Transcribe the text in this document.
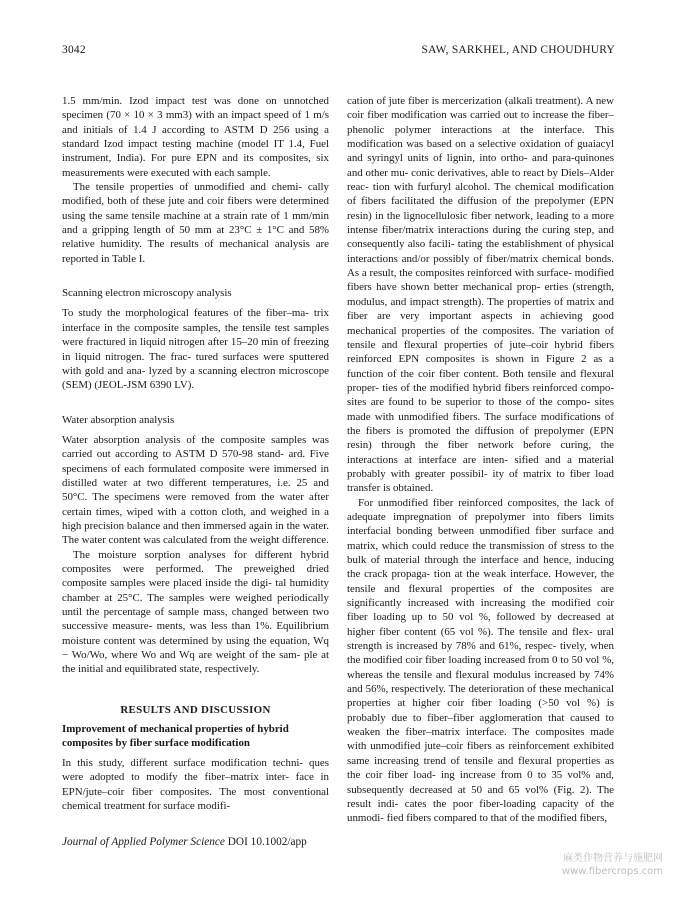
3042	SAW, SARKHEL, AND CHOUDHURY

1.5 mm/min. Izod impact test was done on unnotched specimen (70 × 10 × 3 mm3) with an impact speed of 1 m/s and initials of 1.4 J according to ASTM D 256 using a standard Izod impact testing machine (model IT 1.4, Fuel instrument, India). For pure EPN and its composites, six measurements were executed with each sample.

The tensile properties of unmodified and chemi- cally modified, both of these jute and coir fibers were determined using the same tensile machine at a strain rate of 1 mm/min and a gripping length of 50 mm at 23°C ± 1°C and 58% relative humidity. The results of mechanical analysis are reported in Table I.

Scanning electron microscopy analysis

To study the morphological features of the fiber–ma- trix interface in the composite samples, the tensile test samples were fractured in liquid nitrogen after 15–20 min of freezing in liquid nitrogen. The frac- tured surfaces were sputtered with gold and ana- lyzed by a scanning electron microscope (SEM) (JEOL-JSM 6390 LV).

Water absorption analysis

Water absorption analysis of the composite samples was carried out according to ASTM D 570-98 stand- ard. Five specimens of each formulated composite were immersed in distilled water at two different temperatures, i.e. 25 and 50°C. The specimens were removed from the water after certain times, wiped with a cotton cloth, and weighed in a high precision balance and then immersed again in the water. The water content was calculated from the weight difference.

The moisture sorption analyses for different hybrid composites were performed. The preweighed dried composite samples were placed inside the digi- tal humidity chamber at 25°C. The samples were weighed periodically until the percentage of sample mass, changed between two successive measure- ments, was less than 1%. Equilibrium moisture content was determined by using the equation, Wq − Wo/Wo, where Wo and Wq are weight of the sam- ple at the initial and equilibrated state, respectively.

RESULTS AND DISCUSSION
Improvement of mechanical properties of hybrid composites by fiber surface modification

In this study, different surface modification techni- ques were adopted to modify the fiber–matrix inter- face in EPN/jute–coir fiber composites. The most conventional chemical treatment for surface modifi-

cation of jute fiber is mercerization (alkali treatment). A new coir fiber modification was carried out to increase the fiber–phenolic polymer interactions at the interface. This modification was based on a selective oxidation of guaiacyl and syringyl units of lignin, into ortho- and para-quinones and other mu- conic derivatives, able to react by Diels–Alder reac- tion with furfuryl alcohol. The chemical modification of fibers facilitated the diffusion of the prepolymer (EPN resin) in the lignocellulosic fiber network, leading to a more intense fiber/matrix interactions during the curing step, and consequently also facili- tating the establishment of physical interactions and/or possibly of fiber/matrix chemical bonds. As a result, the composites reinforced with surface- modified fibers have shown better mechanical prop- erties (strength, modulus, and impact strength). The properties of matrix and fiber are very important aspects in achieving good mechanical properties of the composites. The variation of tensile and flexural properties of jute–coir hybrid fibers reinforced EPN composites is shown in Figure 2 as a function of the coir fiber content. Both tensile and flexural proper- ties of the modified hybrid fibers reinforced compo- sites are found to be superior to those of the compo- sites made with unmodified fibers. The surface modifications of the fibers is promoted the diffusion of prepolymer (EPN resin) through the fiber network before curing, the interactions at interface are inten- sified and a material probably with greater possibil- ity of matrix to fiber load transfer is obtained.

For unmodified fiber reinforced composites, the lack of adequate impregnation of prepolymer into fibers limits interfacial bonding between unmodified fiber surface and matrix, which could reduce the transmission of stress to the bulk of material through the interface and hence, inducing the crack propaga- tion at the weak interface. However, the tensile and flexural properties of the composites are significantly increased with increasing the modified coir fiber loading up to 50 vol %, followed by decreased at higher fiber content (65 vol %). The tensile and flex- ural strength is increased by 78% and 61%, respec- tively, when the modified coir fiber loading increased from 0 to 50 vol %, whereas the tensile and flexural modulus increased by 74% and 56%, respectively. The deterioration of these mechanical properties at higher coir fiber loading (>50 vol %) is probably due to fiber–fiber agglomeration that caused to weaken the fiber–matrix interface. The composites made with unmodified jute–coir fibers as reinforcement exhibited same increasing trend of tensile and flexural properties as the coir fiber load- ing increase from 0 to 35 vol% and, subsequently decreased at 50 and 65 vol% (Fig. 2). The result indi- cates the poor fiber-loading capacity of the unmodi- fied fibers compared to that of the modified fibers,

Journal of Applied Polymer Science DOI 10.1002/app
麻类作物营养与施肥网
www.fibercrops.com
